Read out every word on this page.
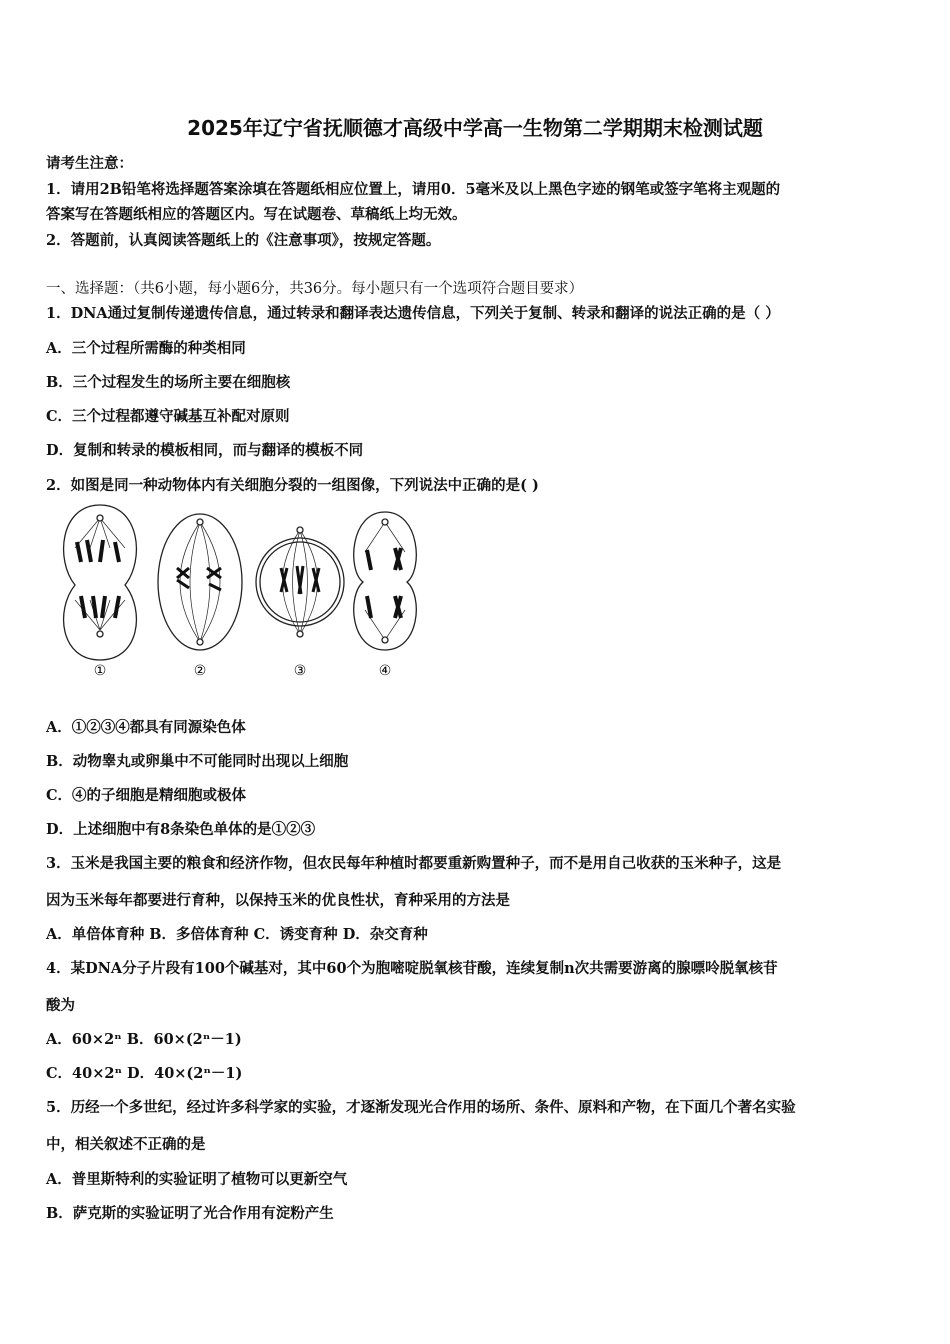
2025年辽宁省抚顺德才高级中学高一生物第二学期期末检测试题
请考生注意：
1．请用2B铅笔将选择题答案涂填在答题纸相应位置上，请用0．5毫米及以上黑色字迹的钢笔或签字笔将主观题的
答案写在答题纸相应的答题区内。写在试题卷、草稿纸上均无效。
2．答题前，认真阅读答题纸上的《注意事项》，按规定答题。
一、选择题：（共6小题，每小题6分，共36分。每小题只有一个选项符合题目要求）
1．DNA通过复制传递遗传信息，通过转录和翻译表达遗传信息，下列关于复制、转录和翻译的说法正确的是（ ）
A．三个过程所需酶的种类相同
B．三个过程发生的场所主要在细胞核
C．三个过程都遵守碱基互补配对原则
D．复制和转录的模板相同，而与翻译的模板不同
2．如图是同一种动物体内有关细胞分裂的一组图像，下列说法中正确的是( )
①	②	③	④
A．①②③④都具有同源染色体
B．动物睾丸或卵巢中不可能同时出现以上细胞
C．④的子细胞是精细胞或极体
D．上述细胞中有8条染色单体的是①②③
3．玉米是我国主要的粮食和经济作物，但农民每年种植时都要重新购置种子，而不是用自己收获的玉米种子，这是
因为玉米每年都要进行育种，以保持玉米的优良性状，育种采用的方法是
A．单倍体育种 B．多倍体育种 C．诱变育种 D．杂交育种
4．某DNA分子片段有100个碱基对，其中60个为胞嘧啶脱氧核苷酸，连续复制n次共需要游离的腺嘌呤脱氧核苷
酸为
A．60×2ⁿ B．60×(2ⁿ－1)
C．40×2ⁿ D．40×(2ⁿ－1)
5．历经一个多世纪，经过许多科学家的实验，才逐渐发现光合作用的场所、条件、原料和产物，在下面几个著名实验
中，相关叙述不正确的是
A．普里斯特利的实验证明了植物可以更新空气
B．萨克斯的实验证明了光合作用有淀粉产生
